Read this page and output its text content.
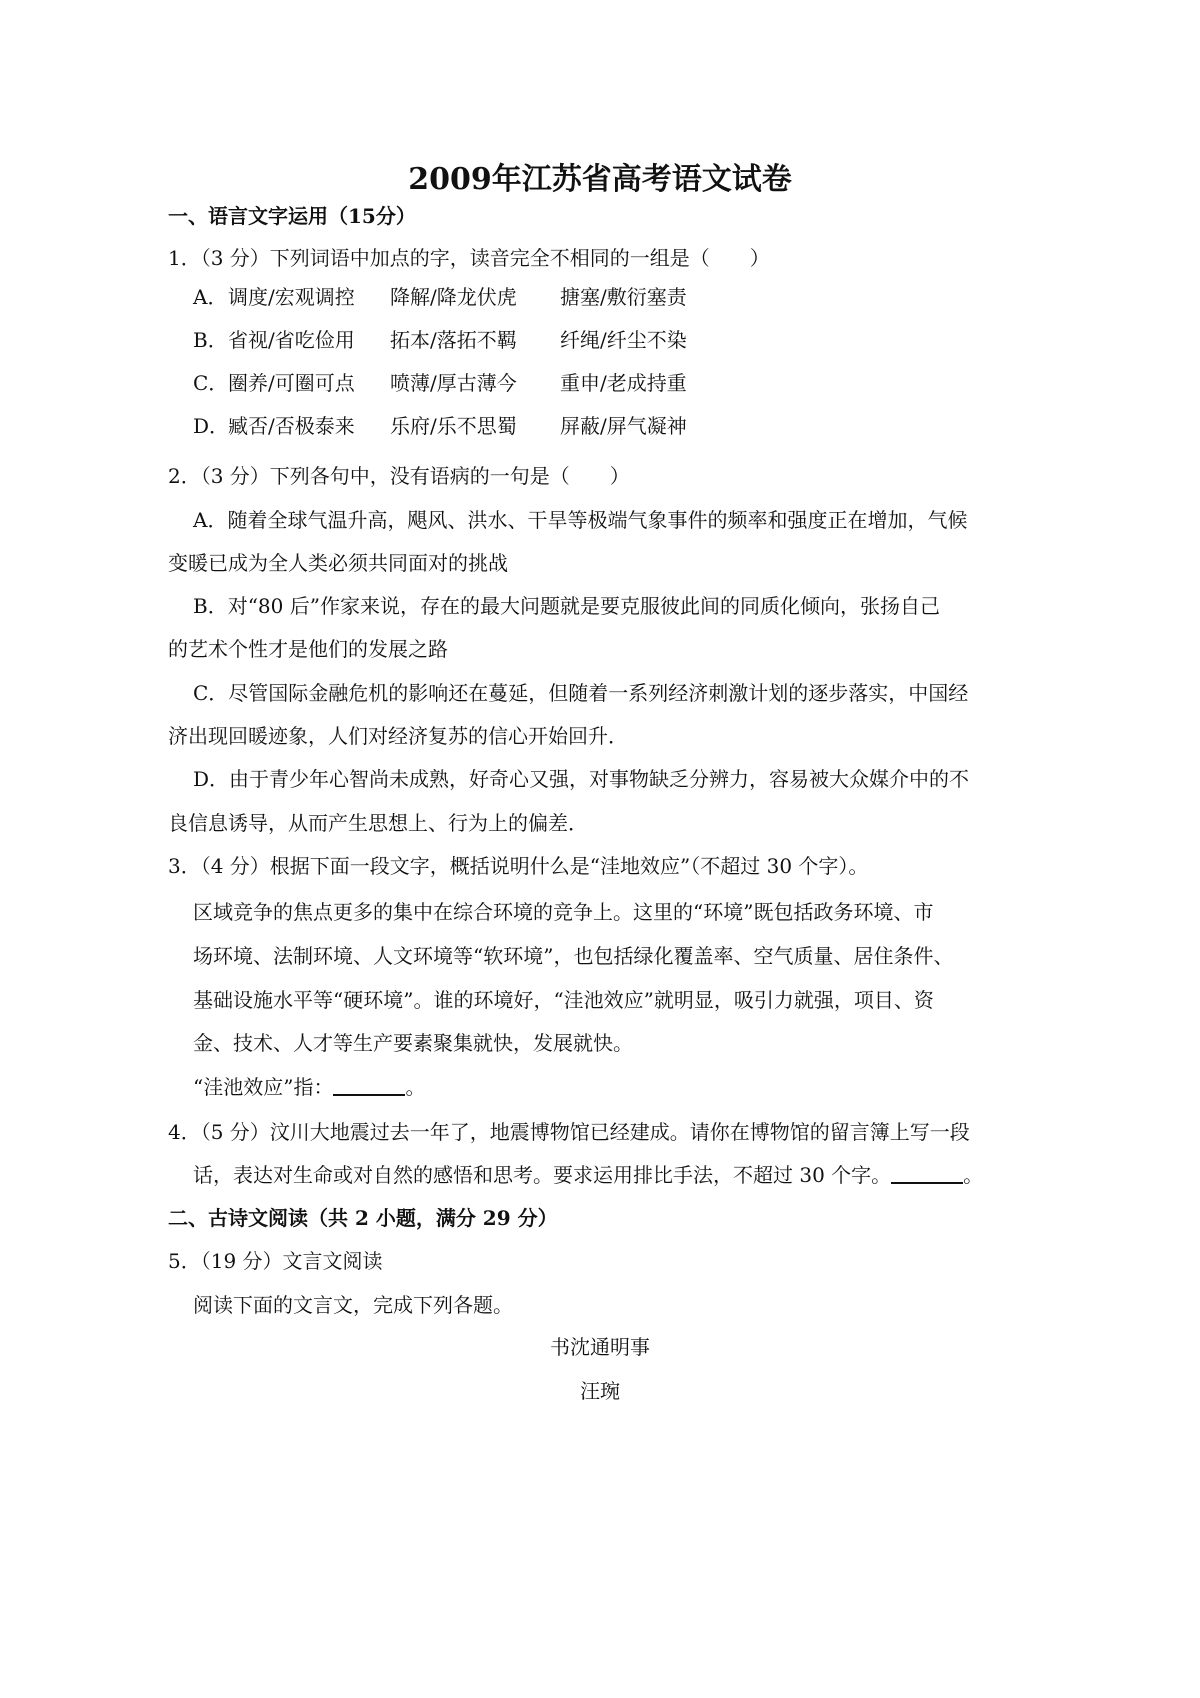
2009年江苏省高考语文试卷
一、语言文字运用（15分）
1．（3 分）下列词语中加点的字，读音完全不相同的一组是（　　）
A． 调度/宏观调控 降解/降龙伏虎 搪塞/敷衍塞责
B． 省视/省吃俭用 拓本/落拓不羁 纤绳/纤尘不染
C． 圈养/可圈可点 喷薄/厚古薄今 重申/老成持重
D．
臧否/否极泰来 乐府/乐不思蜀 屏蔽/屏气凝神
2．（3 分）下列各句中，没有语病的一句是（　　）
A．随着全球气温升高，飓风、洪水、干旱等极端气象事件的频率和强度正在增加，气候
变暖已成为全人类必须共同面对的挑战
B．对“80 后”作家来说，存在的最大问题就是要克服彼此间的同质化倾向，张扬自己
的艺术个性才是他们的发展之路
C．尽管国际金融危机的影响还在蔓延，但随着一系列经济刺激计划的逐步落实，中国经
济出现回暖迹象，人们对经济复苏的信心开始回升．
D．由于青少年心智尚未成熟，好奇心又强，对事物缺乏分辨力，容易被大众媒介中的不
良信息诱导，从而产生思想上、行为上的偏差．
3．（4 分）根据下面一段文字，概括说明什么是“洼地效应”（不超过 30 个字）。
区域竞争的焦点更多的集中在综合环境的竞争上。这里的“环境”既包括政务环境、市
场环境、法制环境、人文环境等“软环境”，也包括绿化覆盖率、空气质量、居住条件、
基础设施水平等“硬环境”。谁的环境好，“洼池效应”就明显，吸引力就强，项目、资
金、技术、人才等生产要素聚集就快，发展就快。
“洼池效应”指：	。
4．（5 分）汶川大地震过去一年了，地震博物馆已经建成。请你在博物馆的留言簿上写一段
话，表达对生命或对自然的感悟和思考。要求运用排比手法，不超过 30 个字。	。
二、古诗文阅读（共 2 小题，满分 29 分）
5．（19 分）文言文阅读
阅读下面的文言文，完成下列各题。
书沈通明事
汪琬
